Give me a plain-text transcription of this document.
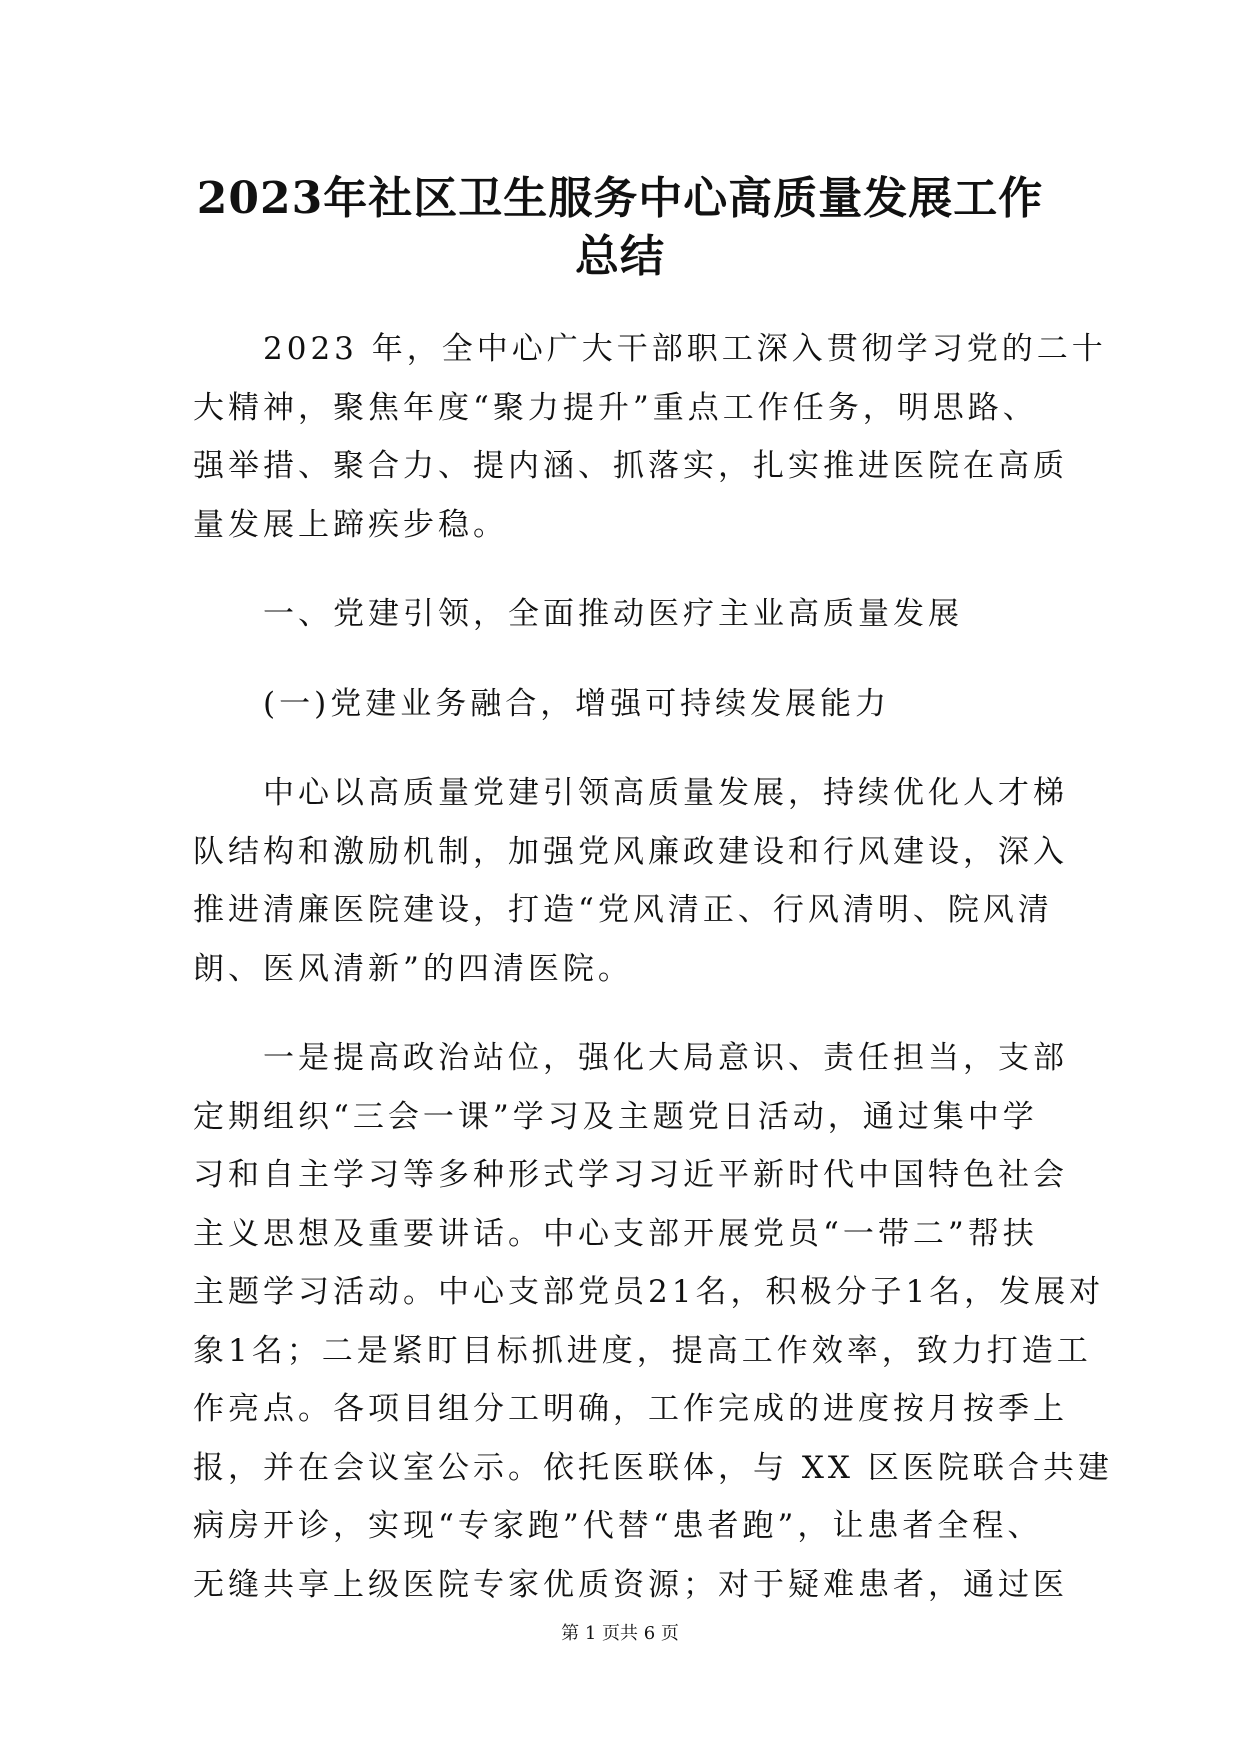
2023年社区卫生服务中心高质量发展工作
总结
　　2023 年，全中心广大干部职工深入贯彻学习党的二十
大精神，聚焦年度“聚力提升”重点工作任务，明思路、
强举措、聚合力、提内涵、抓落实，扎实推进医院在高质
量发展上蹄疾步稳。
　　一、党建引领，全面推动医疗主业高质量发展
　　(一)党建业务融合，增强可持续发展能力
　　中心以高质量党建引领高质量发展，持续优化人才梯
队结构和激励机制，加强党风廉政建设和行风建设，深入
推进清廉医院建设，打造“党风清正、行风清明、院风清
朗、医风清新”的四清医院。
　　一是提高政治站位，强化大局意识、责任担当，支部
定期组织“三会一课”学习及主题党日活动，通过集中学
习和自主学习等多种形式学习习近平新时代中国特色社会
主义思想及重要讲话。中心支部开展党员“一带二”帮扶
主题学习活动。中心支部党员21名，积极分子1名，发展对
象1名；二是紧盯目标抓进度，提高工作效率，致力打造工
作亮点。各项目组分工明确，工作完成的进度按月按季上
报，并在会议室公示。依托医联体，与 XX 区医院联合共建
病房开诊，实现“专家跑”代替“患者跑”，让患者全程、
无缝共享上级医院专家优质资源；对于疑难患者，通过医
第 1 页共 6 页
